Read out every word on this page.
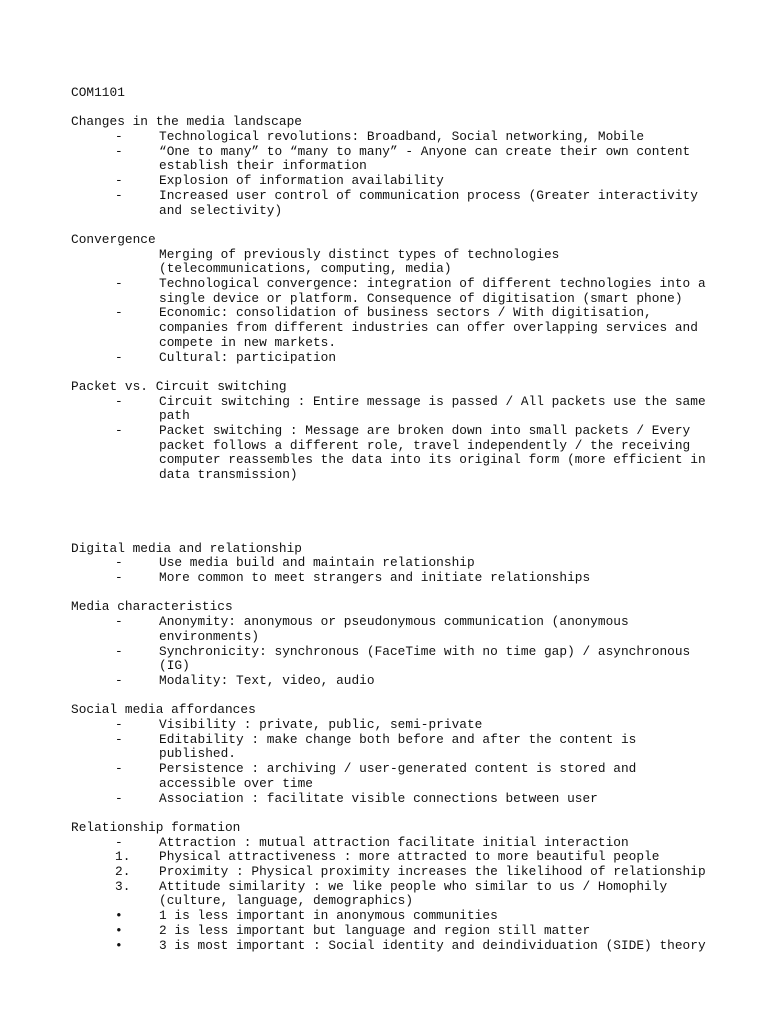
COM1101
Changes in the media landscape
-	Technological revolutions: Broadband, Social networking, Mobile
-	“One to many” to “many to many” - Anyone can create their own content establish their information
-	Explosion of information availability
-	Increased user control of communication process (Greater interactivity and selectivity)
Convergence
Merging of previously distinct types of technologies (telecommunications, computing, media)
-	Technological convergence: integration of different technologies into a single device or platform. Consequence of digitisation (smart phone)
-	Economic: consolidation of business sectors / With digitisation, companies from different industries can offer overlapping services and compete in new markets.
-	Cultural: participation
Packet vs. Circuit switching
-	Circuit switching : Entire message is passed / All packets use the same path
-	Packet switching : Message are broken down into small packets / Every packet follows a different role, travel independently / the receiving computer reassembles the data into its original form (more efficient in data transmission)
Digital media and relationship
-	Use media build and maintain relationship
-	More common to meet strangers and initiate relationships
Media characteristics
-	Anonymity: anonymous or pseudonymous communication (anonymous environments)
-	Synchronicity: synchronous (FaceTime with no time gap) / asynchronous (IG)
-	Modality: Text, video, audio
Social media affordances
-	Visibility : private, public, semi-private
-	Editability : make change both before and after the content is published.
-	Persistence : archiving / user-generated content is stored and accessible over time
-	Association : facilitate visible connections between user
Relationship formation
-	Attraction : mutual attraction facilitate initial interaction
1. Physical attractiveness : more attracted to more beautiful people
2. Proximity : Physical proximity increases the likelihood of relationship
3. Attitude similarity : we like people who similar to us / Homophily (culture, language, demographics)
•	1 is less important in anonymous communities
•	2 is less important but language and region still matter
•	3 is most important : Social identity and deindividuation (SIDE) theory
